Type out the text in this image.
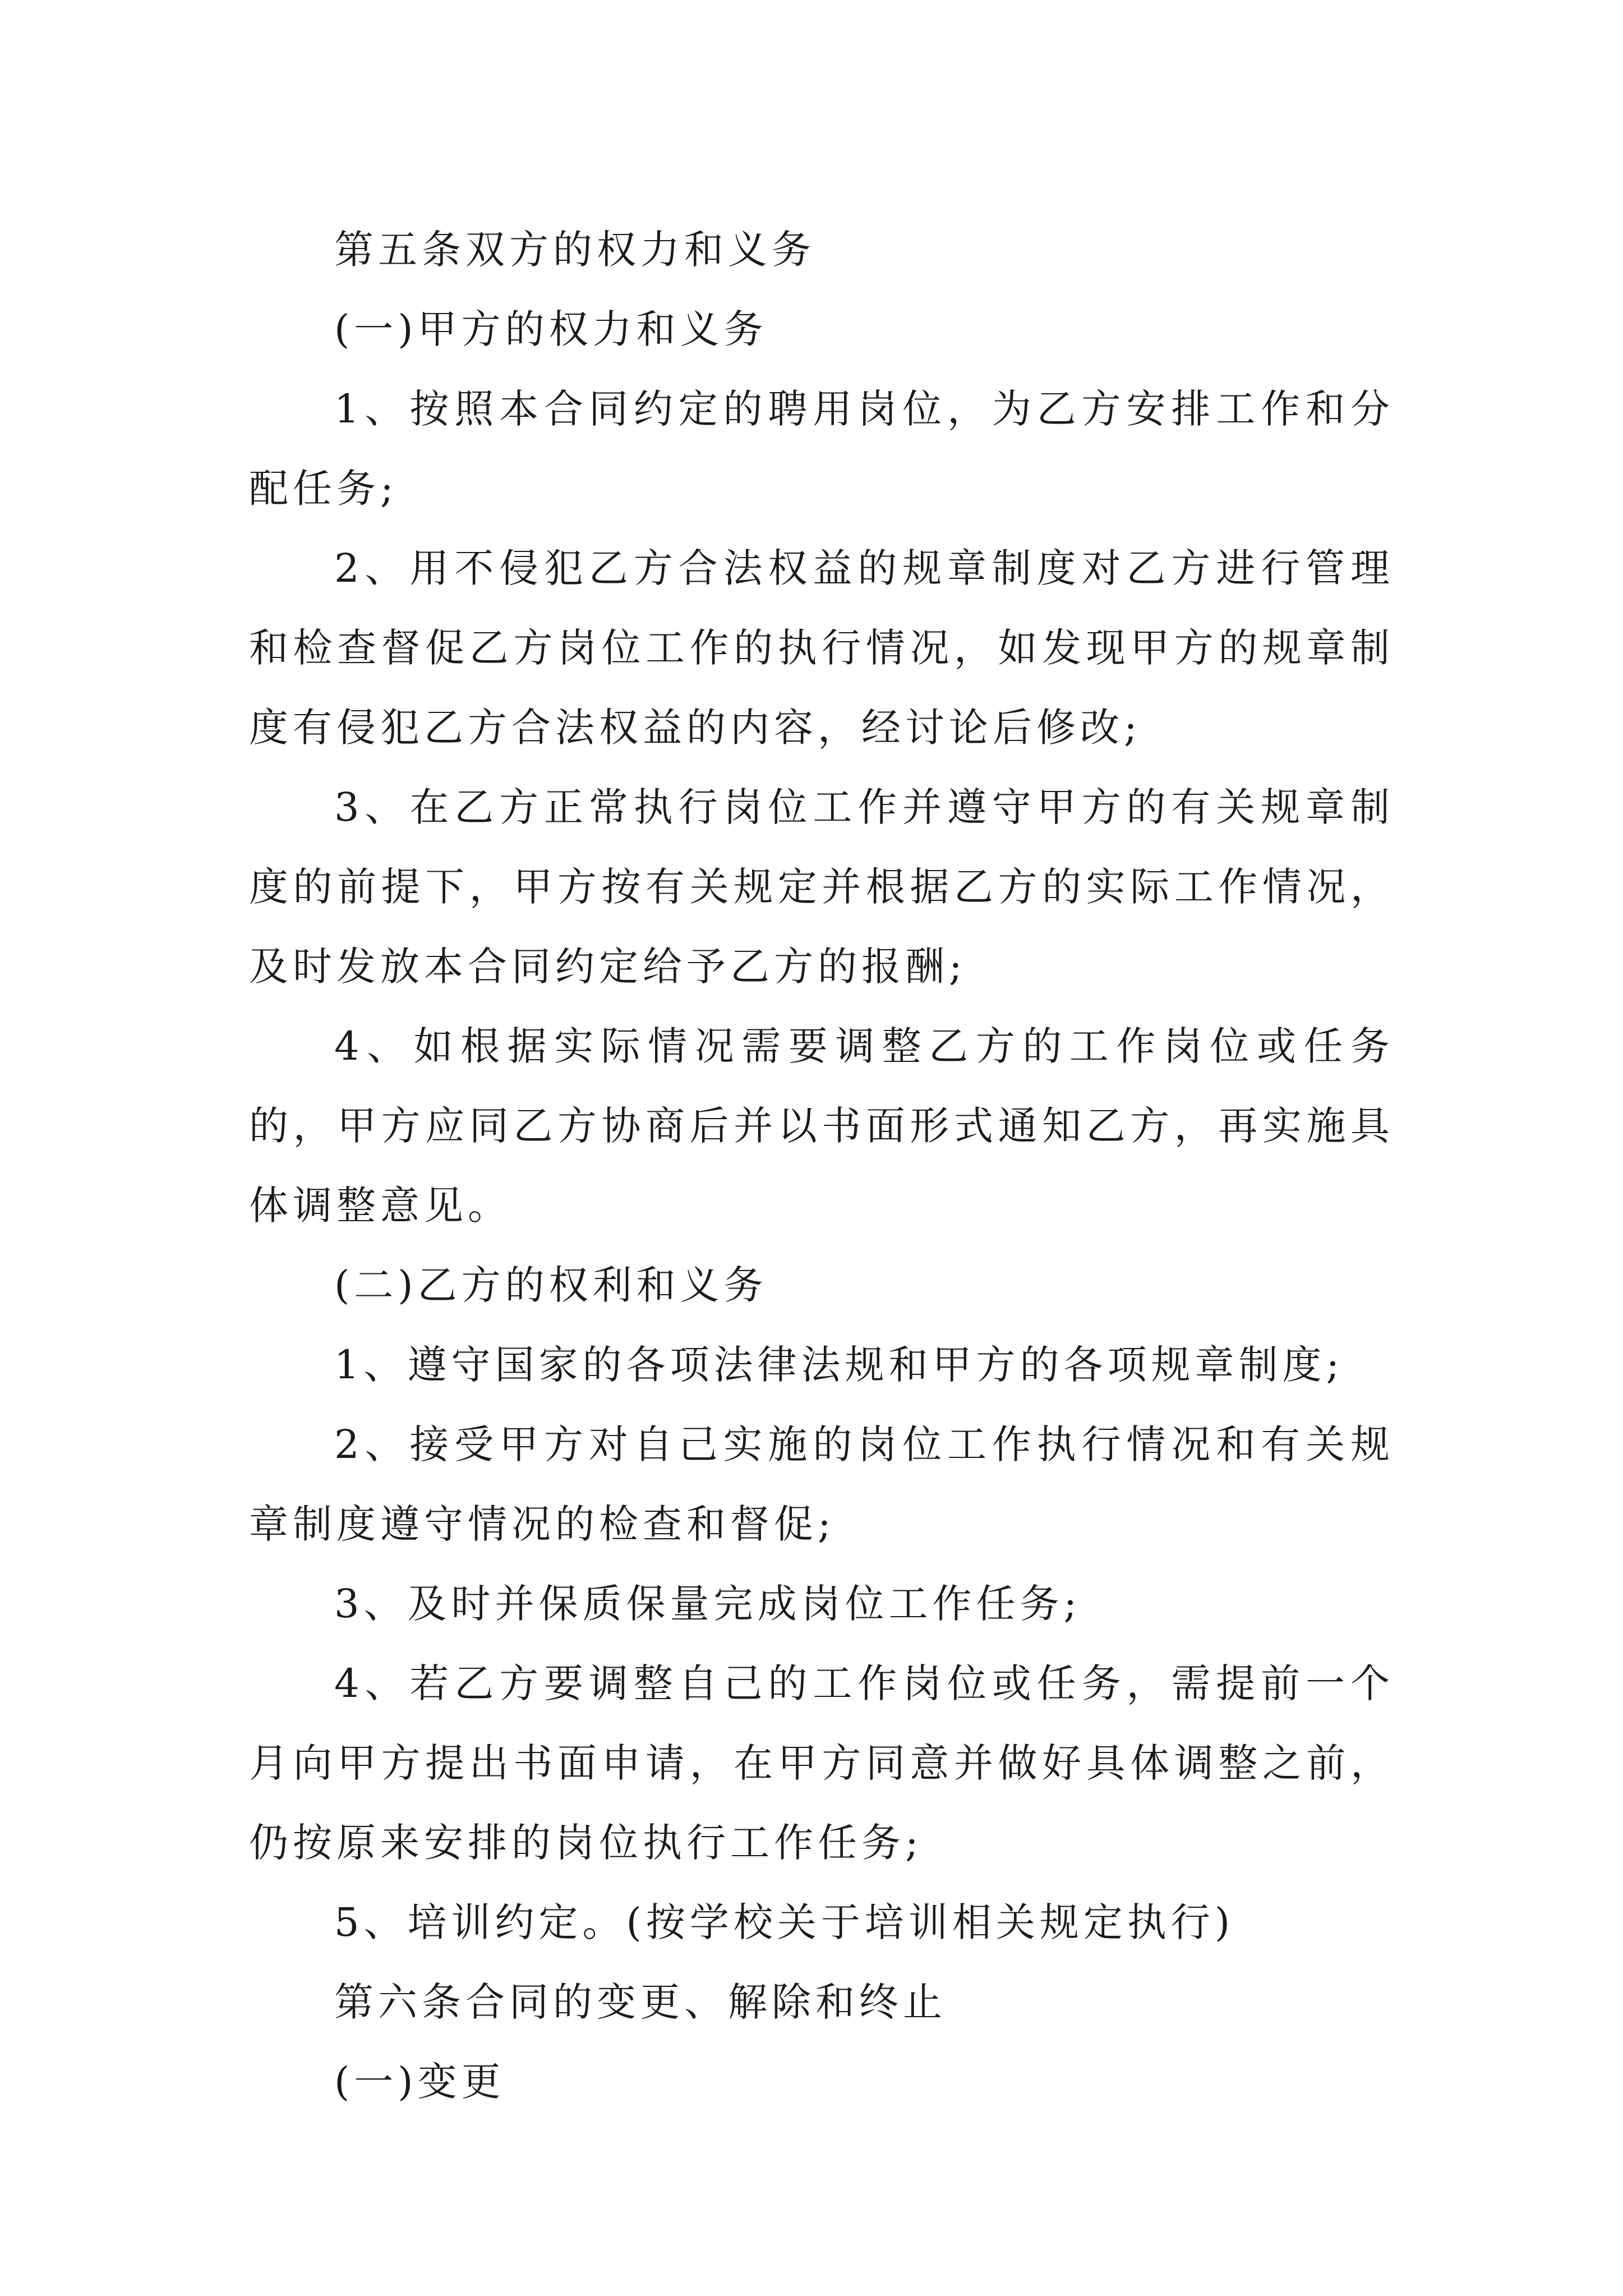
第五条双方的权力和义务

(一)甲方的权力和义务

1、按照本合同约定的聘用岗位，为乙方安排工作和分配任务;

2、用不侵犯乙方合法权益的规章制度对乙方进行管理和检查督促乙方岗位工作的执行情况，如发现甲方的规章制度有侵犯乙方合法权益的内容，经讨论后修改;

3、在乙方正常执行岗位工作并遵守甲方的有关规章制度的前提下，甲方按有关规定并根据乙方的实际工作情况，及时发放本合同约定给予乙方的报酬;

4、如根据实际情况需要调整乙方的工作岗位或任务的，甲方应同乙方协商后并以书面形式通知乙方，再实施具体调整意见。

(二)乙方的权利和义务

1、遵守国家的各项法律法规和甲方的各项规章制度;

2、接受甲方对自己实施的岗位工作执行情况和有关规章制度遵守情况的检查和督促;

3、及时并保质保量完成岗位工作任务;

4、若乙方要调整自己的工作岗位或任务，需提前一个月向甲方提出书面申请，在甲方同意并做好具体调整之前，仍按原来安排的岗位执行工作任务;

5、培训约定。(按学校关于培训相关规定执行)

第六条合同的变更、解除和终止

(一)变更
